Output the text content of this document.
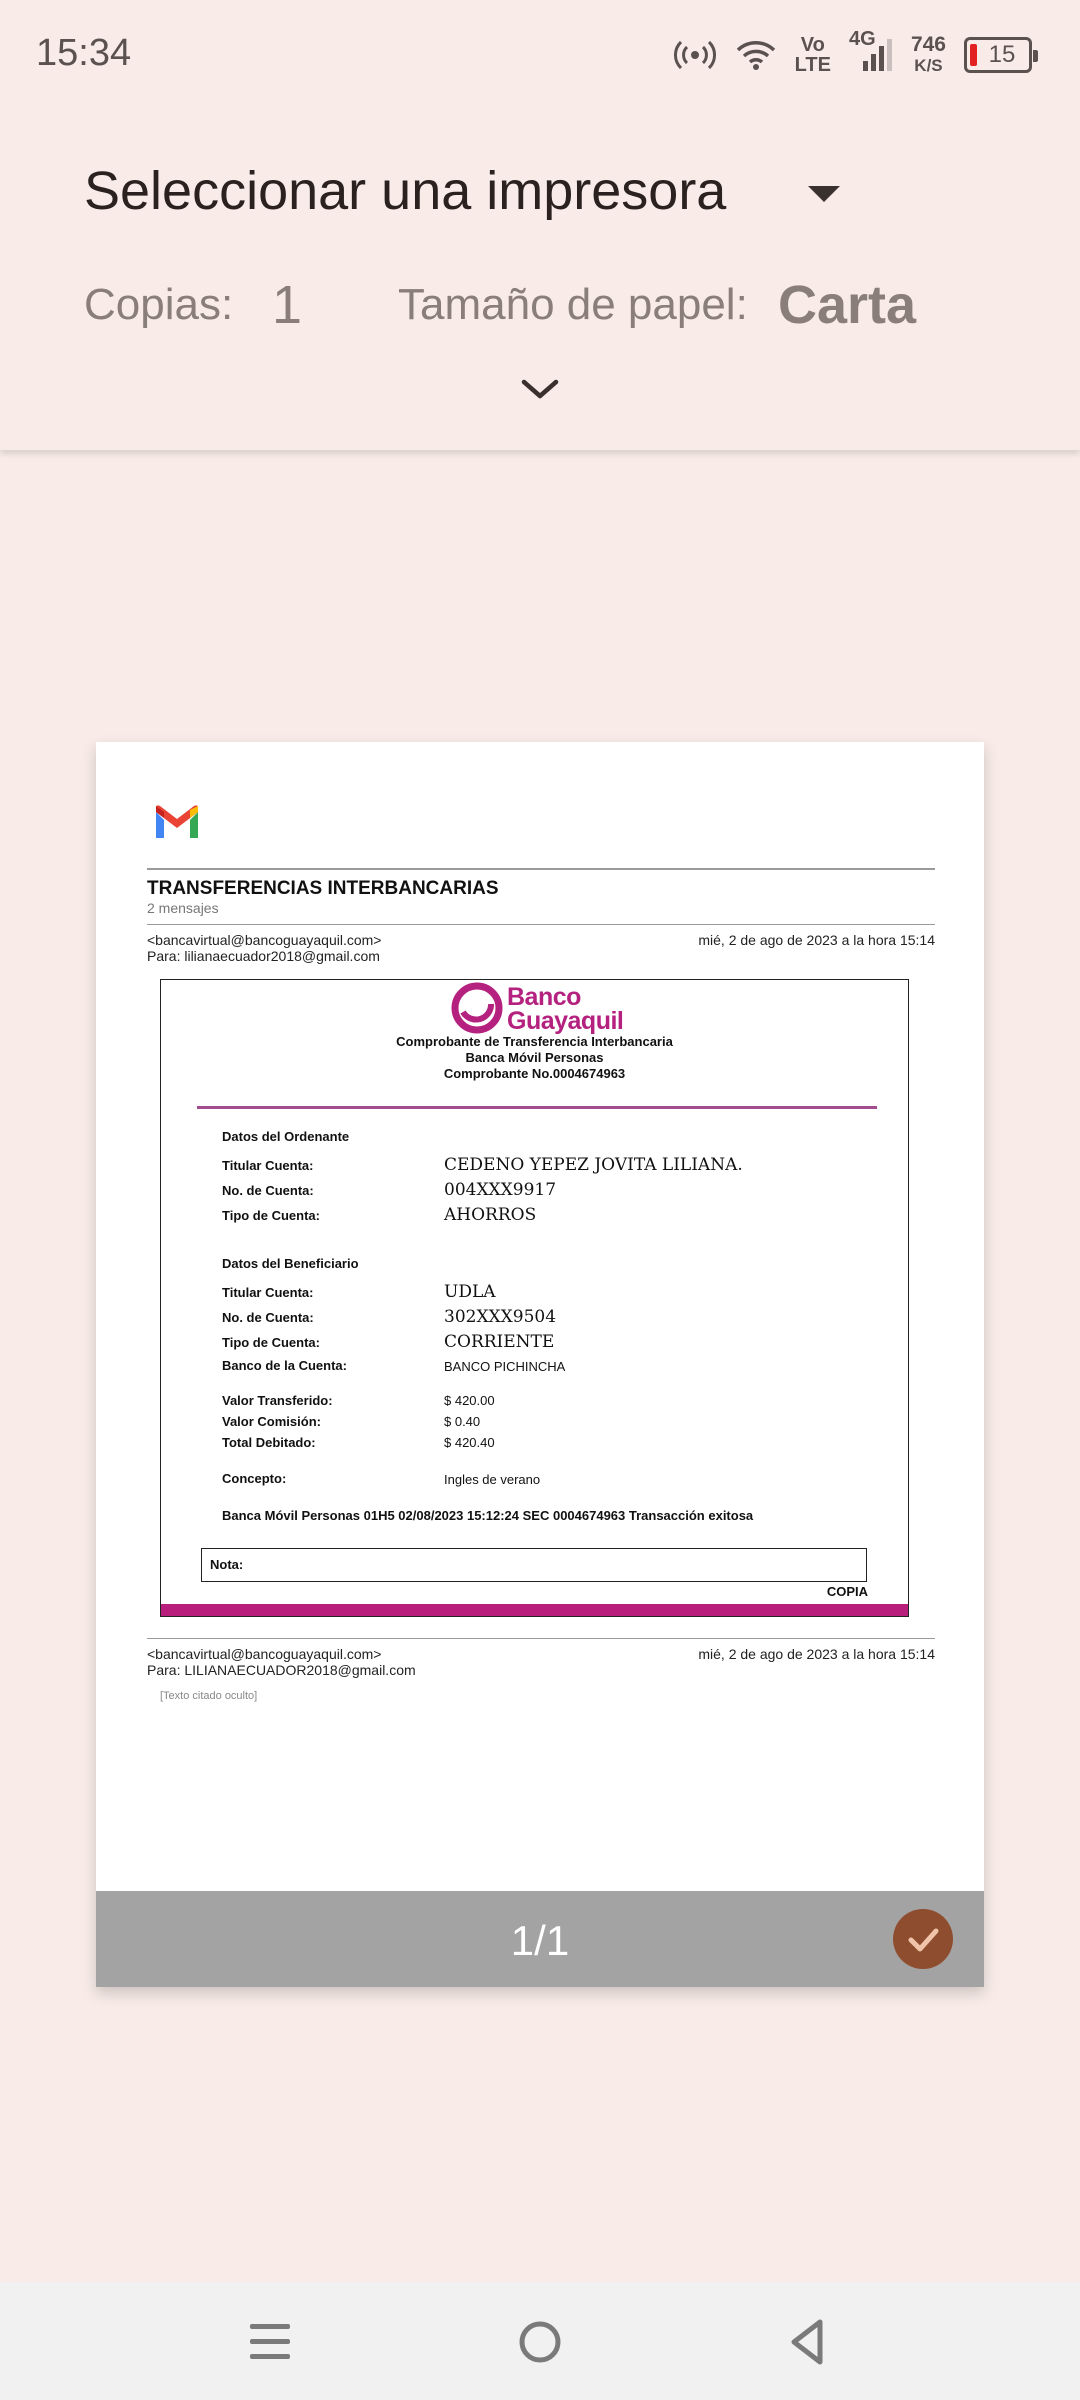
15:34	Vo
LTE
4G 746
K/S 15
Seleccionar una impresora
Copias: 1 Tamaño de papel: Carta
TRANSFERENCIAS INTERBANCARIAS
2 mensajes
<bancavirtual@bancoguayaquil.com>
Para: lilianaecuador2018@gmail.com
mié, 2 de ago de 2023 a la hora 15:14
Banco
Guayaquil
Comprobante de Transferencia Interbancaria
Banca Móvil Personas
Comprobante No.0004674963
Datos del Ordenante
Titular Cuenta:	CEDENO YEPEZ JOVITA LILIANA.
No. de Cuenta:	004XXX9917
Tipo de Cuenta:	AHORROS
Datos del Beneficiario
Titular Cuenta:	UDLA
No. de Cuenta:	302XXX9504
Tipo de Cuenta:	CORRIENTE
Banco de la Cuenta:	BANCO PICHINCHA
Valor Transferido:	$ 420.00
Valor Comisión:	$ 0.40
Total Debitado:	$ 420.40
Concepto:	Ingles de verano
Banca Móvil Personas 01H5 02/08/2023 15:12:24 SEC 0004674963 Transacción exitosa
Nota:
COPIA
<bancavirtual@bancoguayaquil.com>
Para: LILIANAECUADOR2018@gmail.com
mié, 2 de ago de 2023 a la hora 15:14
[Texto citado oculto]
1/1
